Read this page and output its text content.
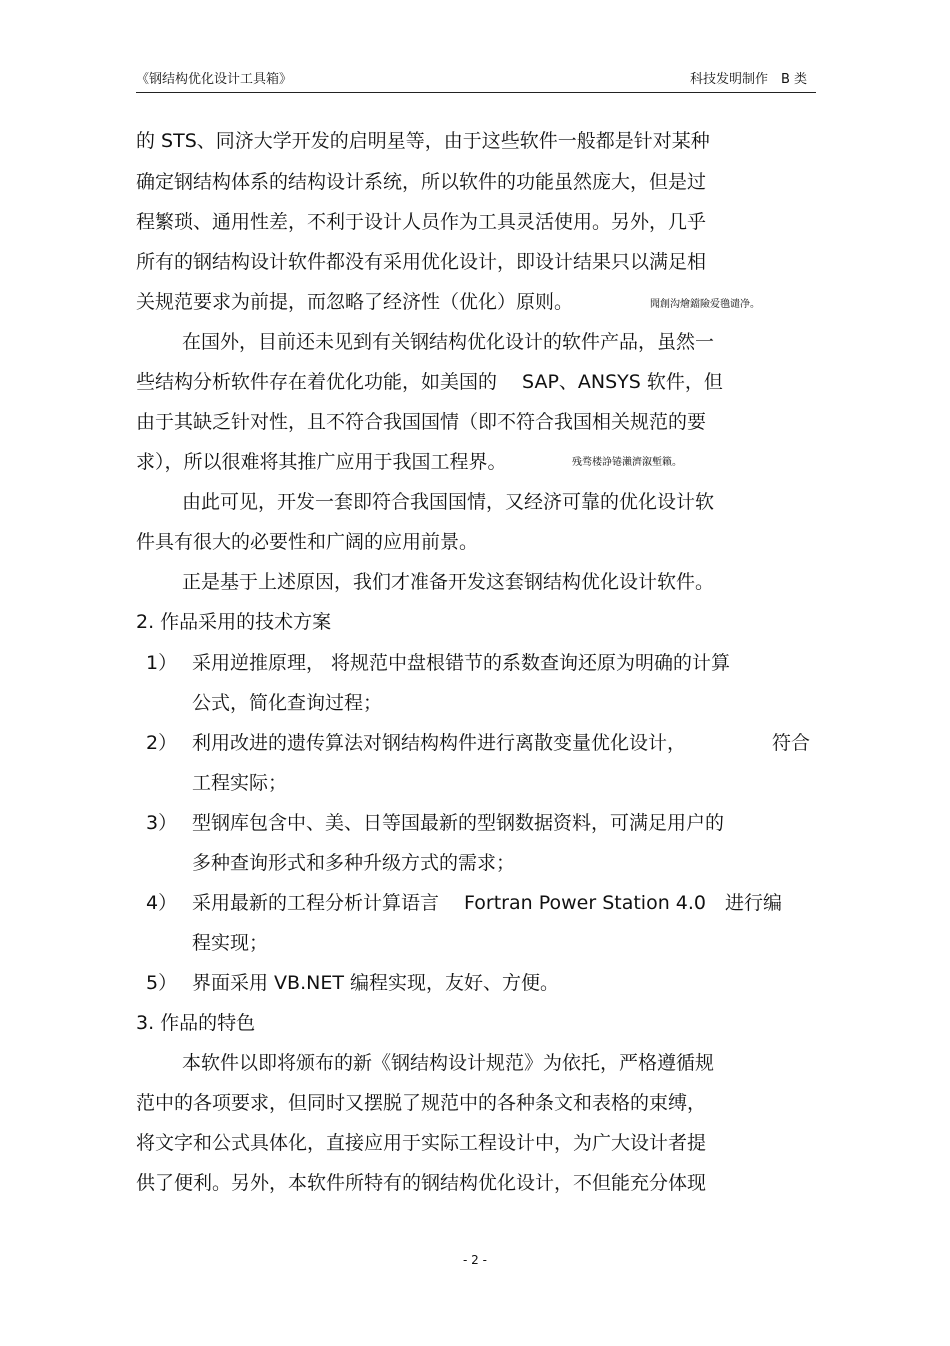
《钢结构优化设计工具箱》	科技发明制作　B 类
的 STS、同济大学开发的启明星等，由于这些软件一般都是针对某种
确定钢结构体系的结构设计系统，所以软件的功能虽然庞大，但是过
程繁琐、通用性差，不利于设计人员作为工具灵活使用。另外，几乎
所有的钢结构设计软件都没有采用优化设计，即设计结果只以满足相
关规范要求为前提，而忽略了经济性（优化）原则。	聞創沟燴鐺險爱氇谴净。
在国外，目前还未见到有关钢结构优化设计的软件产品，虽然一
些结构分析软件存在着优化功能，如美国的　 SAP、ANSYS 软件，但
由于其缺乏针对性，且不符合我国国情（即不符合我国相关规范的要
求），所以很难将其推广应用于我国工程界。	残骛楼諍锩瀨濟溆塹籟。
由此可见，开发一套即符合我国国情，又经济可靠的优化设计软
件具有很大的必要性和广阔的应用前景。
正是基于上述原因，我们才准备开发这套钢结构优化设计软件。
2. 作品采用的技术方案
1） 采用逆推原理， 将规范中盘根错节的系数查询还原为明确的计算
公式，简化查询过程；
2） 利用改进的遗传算法对钢结构构件进行离散变量优化设计，	符合
工程实际；
3） 型钢库包含中、美、日等国最新的型钢数据资料，可满足用户的
多种查询形式和多种升级方式的需求；
4） 采用最新的工程分析计算语言　 Fortran Power Station 4.0　进行编
程实现；
5） 界面采用 VB.NET 编程实现，友好、方便。
3. 作品的特色
本软件以即将颁布的新《钢结构设计规范》为依托，严格遵循规
范中的各项要求，但同时又摆脱了规范中的各种条文和表格的束缚，
将文字和公式具体化，直接应用于实际工程设计中，为广大设计者提
供了便利。另外，本软件所特有的钢结构优化设计，不但能充分体现
- 2 -
